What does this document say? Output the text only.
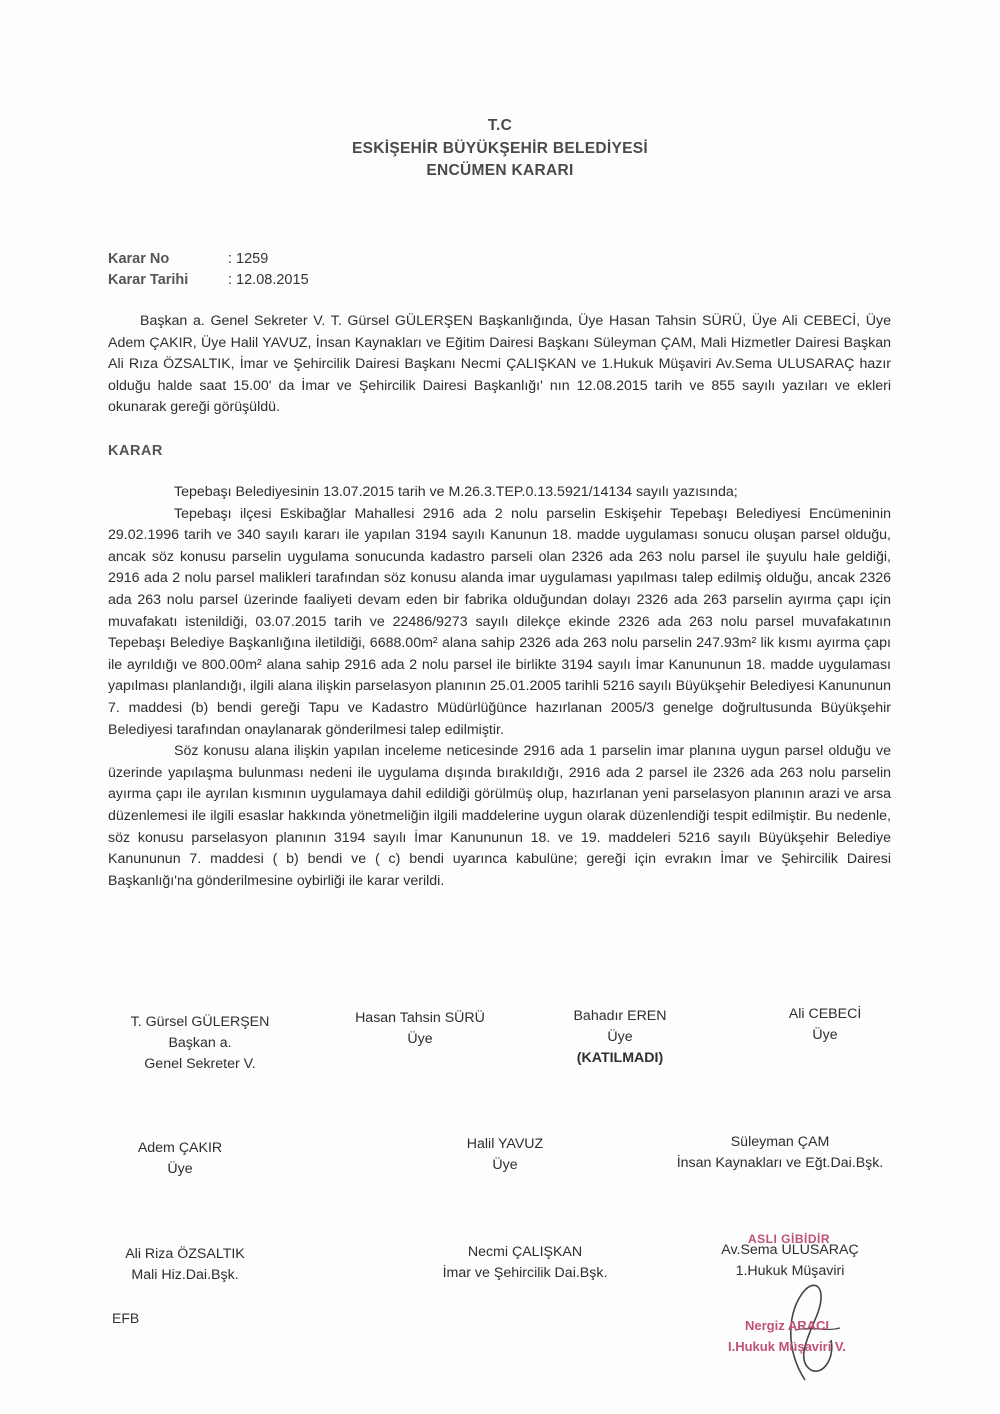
T.C
ESKİŞEHİR BÜYÜKŞEHİR BELEDİYESİ
ENCÜMEN KARARI
Karar No	: 1259
Karar Tarihi	: 12.08.2015

Başkan a. Genel Sekreter V. T. Gürsel GÜLERŞEN Başkanlığında, Üye Hasan Tahsin SÜRÜ, Üye Ali CEBECİ, Üye Adem ÇAKIR, Üye Halil YAVUZ, İnsan Kaynakları ve Eğitim Dairesi Başkanı Süleyman ÇAM, Mali Hizmetler Dairesi Başkan Ali Rıza ÖZSALTIK, İmar ve Şehircilik Dairesi Başkanı Necmi ÇALIŞKAN ve 1.Hukuk Müşaviri Av.Sema ULUSARAÇ hazır olduğu halde saat 15.00' da İmar ve Şehircilik Dairesi Başkanlığı' nın 12.08.2015 tarih ve 855 sayılı yazıları ve ekleri okunarak gereği görüşüldü.

KARAR

Tepebaşı Belediyesinin 13.07.2015 tarih ve M.26.3.TEP.0.13.5921/14134 sayılı yazısında;

Tepebaşı ilçesi Eskibağlar Mahallesi 2916 ada 2 nolu parselin Eskişehir Tepebaşı Belediyesi Encümeninin 29.02.1996 tarih ve 340 sayılı kararı ile yapılan 3194 sayılı Kanunun 18. madde uygulaması sonucu oluşan parsel olduğu, ancak söz konusu parselin uygulama sonucunda kadastro parseli olan 2326 ada 263 nolu parsel ile şuyulu hale geldiği, 2916 ada 2 nolu parsel malikleri tarafından söz konusu alanda imar uygulaması yapılması talep edilmiş olduğu, ancak 2326 ada 263 nolu parsel üzerinde faaliyeti devam eden bir fabrika olduğundan dolayı 2326 ada 263 parselin ayırma çapı için muvafakatı istenildiği, 03.07.2015 tarih ve 22486/9273 sayılı dilekçe ekinde 2326 ada 263 nolu parsel muvafakatının Tepebaşı Belediye Başkanlığına iletildiği, 6688.00m² alana sahip 2326 ada 263 nolu parselin 247.93m² lik kısmı ayırma çapı ile ayrıldığı ve 800.00m² alana sahip 2916 ada 2 nolu parsel ile birlikte 3194 sayılı İmar Kanununun 18. madde uygulaması yapılması planlandığı, ilgili alana ilişkin parselasyon planının 25.01.2005 tarihli 5216 sayılı Büyükşehir Belediyesi Kanununun 7. maddesi (b) bendi gereği Tapu ve Kadastro Müdürlüğünce hazırlanan 2005/3 genelge doğrultusunda Büyükşehir Belediyesi tarafından onaylanarak gönderilmesi talep edilmiştir.

Söz konusu alana ilişkin yapılan inceleme neticesinde 2916 ada 1 parselin imar planına uygun parsel olduğu ve üzerinde yapılaşma bulunması nedeni ile uygulama dışında bırakıldığı, 2916 ada 2 parsel ile 2326 ada 263 nolu parselin ayırma çapı ile ayrılan kısmının uygulamaya dahil edildiği görülmüş olup, hazırlanan yeni parselasyon planının arazi ve arsa düzenlemesi ile ilgili esaslar hakkında yönetmeliğin ilgili maddelerine uygun olarak düzenlendiği tespit edilmiştir. Bu nedenle, söz konusu parselasyon planının 3194 sayılı İmar Kanununun 18. ve 19. maddeleri 5216 sayılı Büyükşehir Belediye Kanununun 7. maddesi ( b) bendi ve ( c) bendi uyarınca kabulüne; gereği için evrakın İmar ve Şehircilik Dairesi Başkanlığı'na gönderilmesine oybirliği ile karar verildi.

T. Gürsel GÜLERŞEN
Başkan a.
Genel Sekreter V.
Hasan Tahsin SÜRÜ
Üye
Bahadır EREN
Üye
(KATILMADI)
Ali CEBECİ
Üye
Adem ÇAKIR
Üye
Halil YAVUZ
Üye
Süleyman ÇAM
İnsan Kaynakları ve Eğt.Dai.Bşk.
Ali Riza ÖZSALTIK
Mali Hiz.Dai.Bşk.
Necmi ÇALIŞKAN
İmar ve Şehircilik Dai.Bşk.
Av.Sema ULUSARAÇ
1.Hukuk Müşaviri
EFB
ASLI GİBİDİR
Nergiz ARACI
I.Hukuk Müşaviri V.
